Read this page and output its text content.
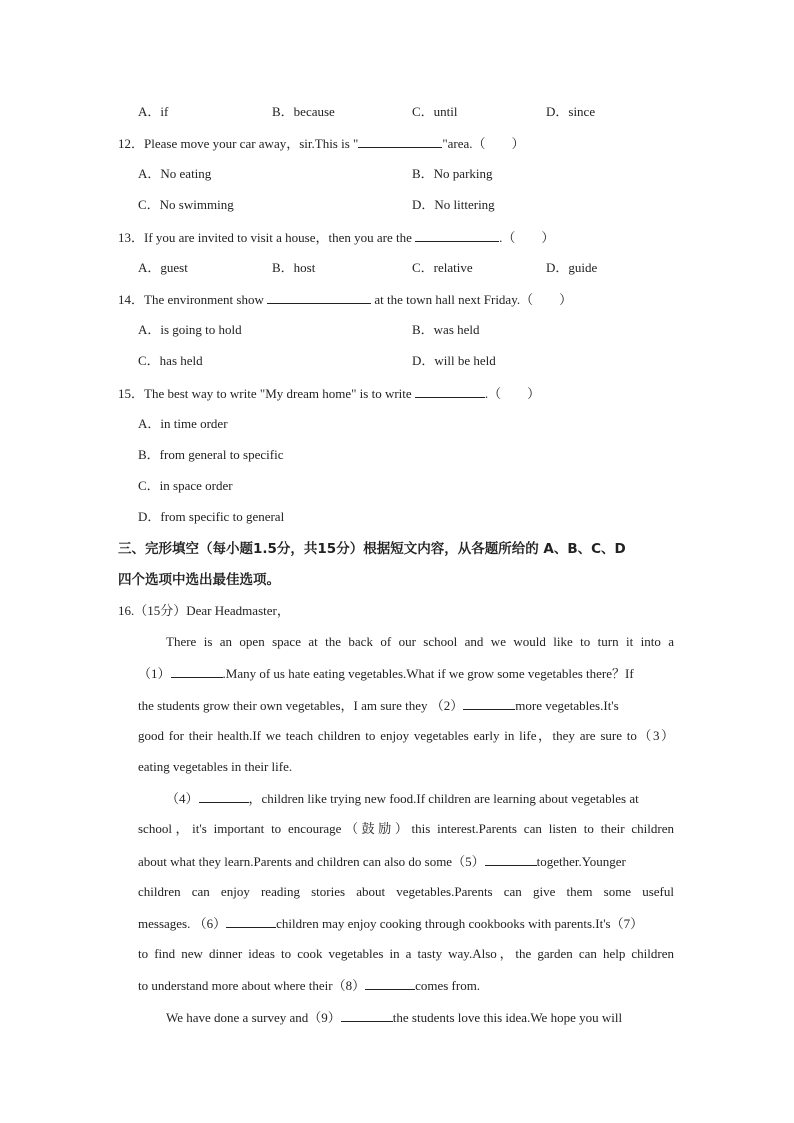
A．if	B．because	C．until	D．since
12．Please move your car away，sir.This is "	"area.（　　）
A．No eating	B．No parking
C．No swimming	D．No littering
13．If you are invited to visit a house，then you are the	.（　　）
A．guest	B．host	C．relative	D．guide
14．The environment show	at the town hall next Friday.（　　）
A．is going to hold	B．was held
C．has held	D．will be held
15．The best way to write "My dream home" is to write	.（　　）
A．in time order
B．from general to specific
C．in space order
D．from specific to general
三、完形填空（每小题1.5分，共15分）根据短文内容，从各题所给的 A、B、C、D
四个选项中选出最佳选项。
16.（15分）Dear Headmaster，
There is an open space at the back of our school and we would like to turn it into a
（1）	.Many of us hate eating vegetables.What if we grow some vegetables there？If
the students grow their own vegetables，I am sure they （2）	more vegetables.It's
good for their health.If we teach children to enjoy vegetables early in life，they are sure to（3）
eating vegetables in their life.
（4）	，children like trying new food.If children are learning about vegetables at
school，it's important to encourage（鼓励）this interest.Parents can listen to their children
about what they learn.Parents and children can also do some（5）	together.Younger
children can enjoy reading stories about vegetables.Parents can give them some useful
messages. （6）	children may enjoy cooking through cookbooks with parents.It's（7）
to find new dinner ideas to cook vegetables in a tasty way.Also，the garden can help children
to understand more about where their（8）	comes from.
We have done a survey and（9）	the students love this idea.We hope you will
